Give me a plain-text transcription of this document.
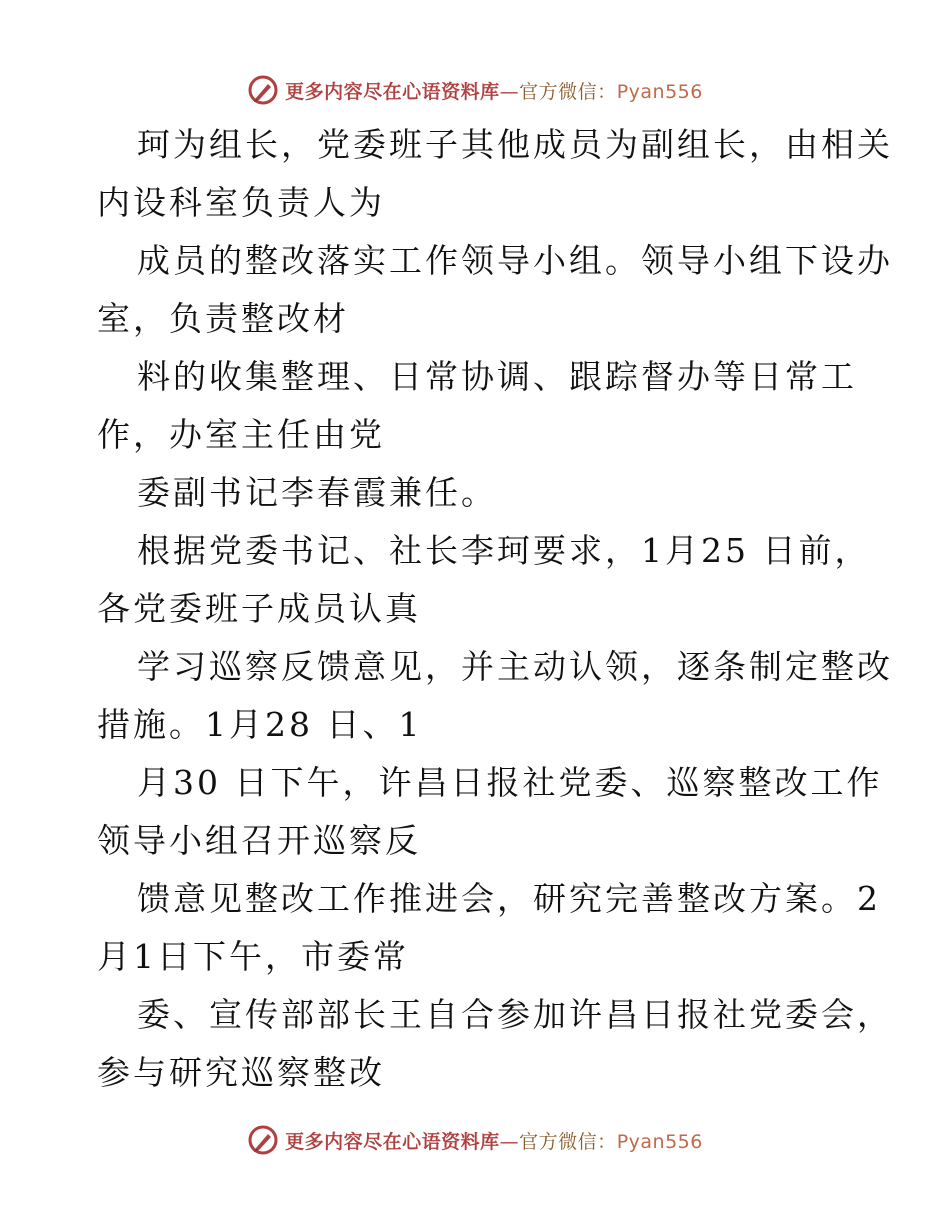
更多内容尽在心语资料库—官方微信：Pyan556

珂为组长，党委班子其他成员为副组长，由相关

内设科室负责人为

成员的整改落实工作领导小组。领导小组下设办

室，负责整改材

料的收集整理、日常协调、跟踪督办等日常工

作，办室主任由党

委副书记李春霞兼任。

根据党委书记、社长李珂要求，1月25 日前，

各党委班子成员认真

学习巡察反馈意见，并主动认领，逐条制定整改

措施。1月28 日、1

月30 日下午，许昌日报社党委、巡察整改工作

领导小组召开巡察反

馈意见整改工作推进会，研究完善整改方案。2

月1日下午，市委常

委、宣传部部长王自合参加许昌日报社党委会，

参与研究巡察整改

更多内容尽在心语资料库—官方微信：Pyan556
